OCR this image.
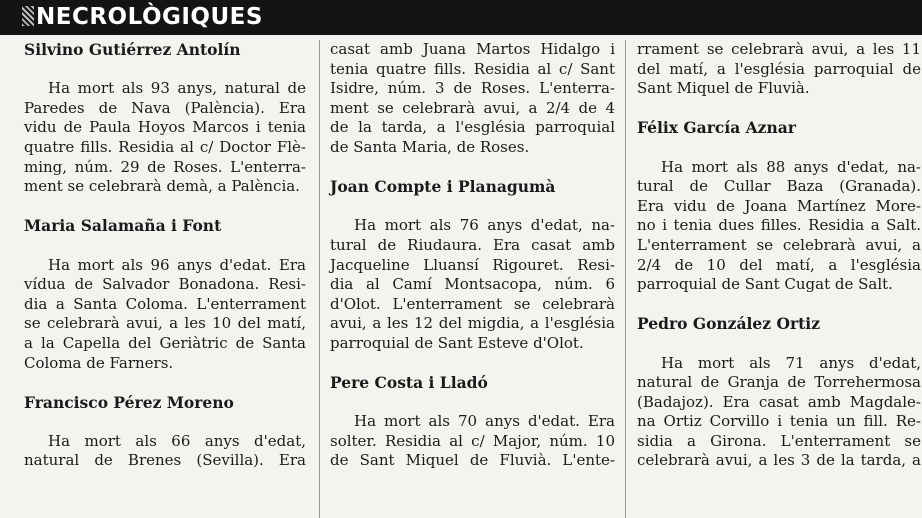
NECROLÒGIQUES
Silvino Gutiérrez Antolín
Ha mort als 93 anys, natural de
Paredes de Nava (Palència). Era
vidu de Paula Hoyos Marcos i tenia
quatre fills. Residia al c/ Doctor Flè-
ming, núm. 29 de Roses. L'enterra-
ment se celebrarà demà, a Palència.
Maria Salamaña i Font
Ha mort als 96 anys d'edat. Era
vídua de Salvador Bonadona. Resi-
dia a Santa Coloma. L'enterrament
se celebrarà avui, a les 10 del matí,
a la Capella del Geriàtric de Santa
Coloma de Farners.
Francisco Pérez Moreno
Ha mort als 66 anys d'edat,
natural de Brenes (Sevilla). Era
casat amb Juana Martos Hidalgo i
tenia quatre fills. Residia al c/ Sant
Isidre, núm. 3 de Roses. L'enterra-
ment se celebrarà avui, a 2/4 de 4
de la tarda, a l'església parroquial
de Santa Maria, de Roses.
Joan Compte i Planagumà
Ha mort als 76 anys d'edat, na-
tural de Riudaura. Era casat amb
Jacqueline Lluansí Rigouret. Resi-
dia al Camí Montsacopa, núm. 6
d'Olot. L'enterrament se celebrarà
avui, a les 12 del migdia, a l'església
parroquial de Sant Esteve d'Olot.
Pere Costa i Lladó
Ha mort als 70 anys d'edat. Era
solter. Residia al c/ Major, núm. 10
de Sant Miquel de Fluvià. L'ente-
rrament se celebrarà avui, a les 11
del matí, a l'església parroquial de
Sant Miquel de Fluvià.
Félix García Aznar
Ha mort als 88 anys d'edat, na-
tural de Cullar Baza (Granada).
Era vidu de Joana Martínez More-
no i tenia dues filles. Residia a Salt.
L'enterrament se celebrarà avui, a
2/4 de 10 del matí, a l'església
parroquial de Sant Cugat de Salt.
Pedro González Ortiz
Ha mort als 71 anys d'edat,
natural de Granja de Torrehermosa
(Badajoz). Era casat amb Magdale-
na Ortiz Corvillo i tenia un fill. Re-
sidia a Girona. L'enterrament se
celebrarà avui, a les 3 de la tarda, a
